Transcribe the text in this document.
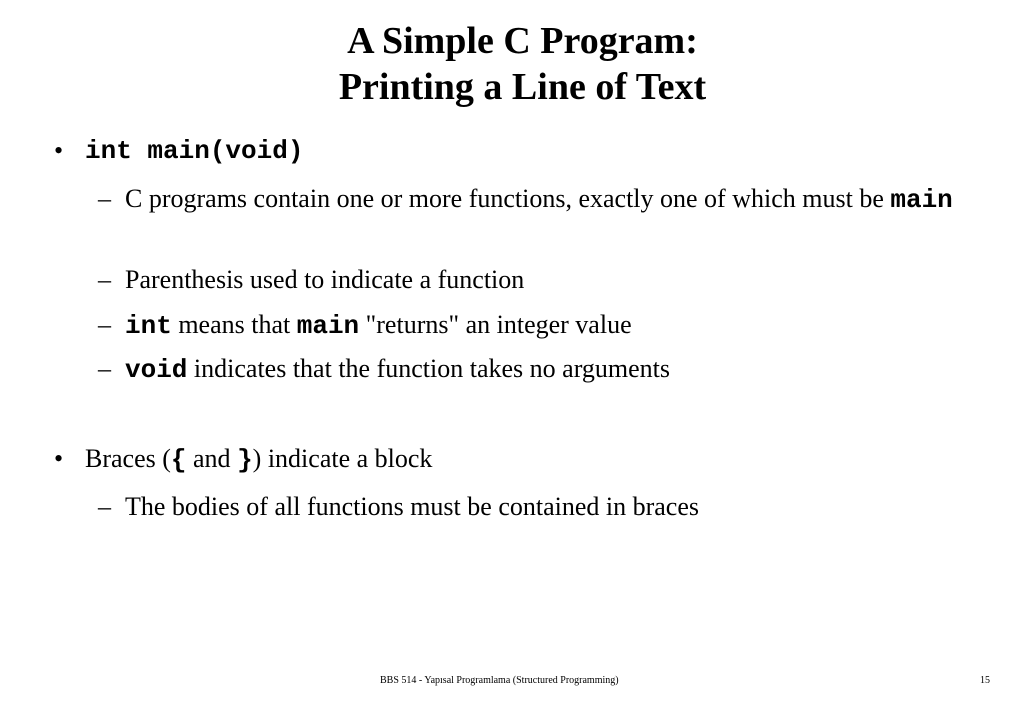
A Simple C Program:
Printing a Line of Text
• int main(void)
– C programs contain one or more functions, exactly one of which must be main
– Parenthesis used to indicate a function
– int means that main "returns" an integer value
– void indicates that the function takes no arguments
• Braces ({ and }) indicate a block
– The bodies of all functions must be contained in braces
BBS 514 - Yapısal Programlama (Structured Programming)	15
